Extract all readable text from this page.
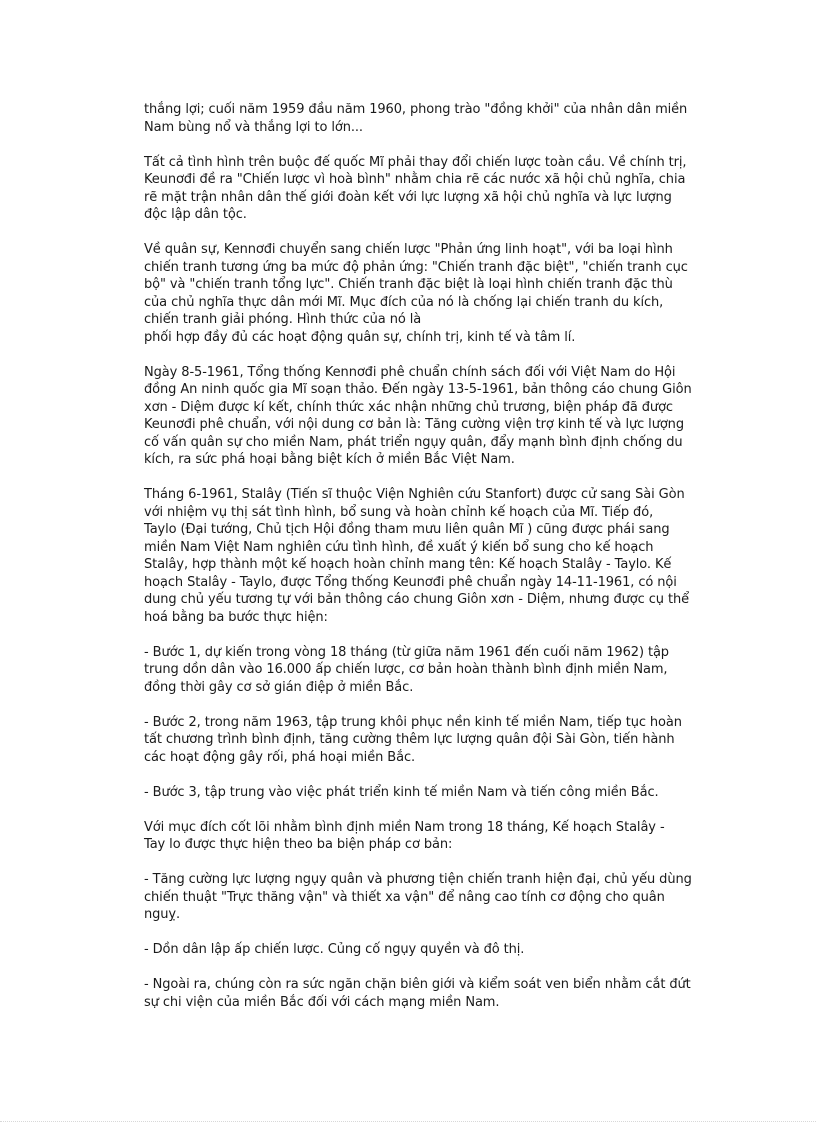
thắng lợi; cuối năm 1959 đầu năm 1960, phong trào "đồng khởi" của nhân dân miền
Nam bùng nổ và thắng lợi to lớn...

Tất cả tình hình trên buộc đế quốc Mĩ phải thay đổi chiến lược toàn cầu. Về chính trị,
Keunơđi đề ra "Chiến lược vì hoà bình" nhằm chia rẽ các nước xã hội chủ nghĩa, chia
rẽ mặt trận nhân dân thế giới đoàn kết với lực lượng xã hội chủ nghĩa và lực lượng
độc lập dân tộc.

Về quân sự, Kennơđi chuyển sang chiến lược "Phản ứng linh hoạt", với ba loại hình
chiến tranh tương ứng ba mức độ phản ứng: "Chiến tranh đặc biệt", "chiến tranh cục
bộ" và "chiến tranh tổng lực". Chiến tranh đặc biệt là loại hình chiến tranh đặc thù
của chủ nghĩa thực dân mới Mĩ. Mục đích của nó là chống lại chiến tranh du kích,
chiến tranh giải phóng. Hình thức của nó là
phối hợp đầy đủ các hoạt động quân sự, chính trị, kinh tế và tâm lí.

Ngày 8-5-1961, Tổng thống Kennơđi phê chuẩn chính sách đối với Việt Nam do Hội
đồng An ninh quốc gia Mĩ soạn thảo. Đến ngày 13-5-1961, bản thông cáo chung Giôn
xơn - Diệm được kí kết, chính thức xác nhận những chủ trương, biện pháp đã được
Keunơđi phê chuẩn, với nội dung cơ bản là: Tăng cường viện trợ kinh tế và lực lượng
cố vấn quân sự cho miền Nam, phát triển ngụy quân, đẩy mạnh bình định chống du
kích, ra sức phá hoại bằng biệt kích ở miền Bắc Việt Nam.

Tháng 6-1961, Stalây (Tiến sĩ thuộc Viện Nghiên cứu Stanfort) được cử sang Sài Gòn
với nhiệm vụ thị sát tình hình, bổ sung và hoàn chỉnh kế hoạch của Mĩ. Tiếp đó,
Taylo (Đại tướng, Chủ tịch Hội đồng tham mưu liên quân Mĩ ) cũng được phái sang
miền Nam Việt Nam nghiên cứu tình hình, đề xuất ý kiến bổ sung cho kế hoạch
Stalây, hợp thành một kế hoạch hoàn chỉnh mang tên: Kế hoạch Stalây - Taylo. Kế
hoạch Stalây - Taylo, được Tổng thống Keunơđi phê chuẩn ngày 14-11-1961, có nội
dung chủ yếu tương tự với bản thông cáo chung Giôn xơn - Diệm, nhưng được cụ thể
hoá bằng ba bước thực hiện:

- Bước 1, dự kiến trong vòng 18 tháng (từ giữa năm 1961 đến cuối năm 1962) tập
trung dồn dân vào 16.000 ấp chiến lược, cơ bản hoàn thành bình định miền Nam,
đồng thời gây cơ sở gián điệp ở miền Bắc.

- Bước 2, trong năm 1963, tập trung khôi phục nền kinh tế miền Nam, tiếp tục hoàn
tất chương trình bình định, tăng cường thêm lực lượng quân đội Sài Gòn, tiến hành
các hoạt động gây rối, phá hoại miền Bắc.

- Bước 3, tập trung vào việc phát triển kinh tế miền Nam và tiến công miền Bắc.

Với mục đích cốt lõi nhằm bình định miền Nam trong 18 tháng, Kế hoạch Stalây -
Tay lo được thực hiện theo ba biện pháp cơ bản:

- Tăng cường lực lượng ngụy quân và phương tiện chiến tranh hiện đại, chủ yếu dùng
chiến thuật "Trực thăng vận" và thiết xa vận" để nâng cao tính cơ động cho quân
nguỵ.

- Dồn dân lập ấp chiến lược. Củng cố ngụy quyền và đô thị.

- Ngoài ra, chúng còn ra sức ngăn chặn biên giới và kiểm soát ven biển nhằm cắt đứt
sự chi viện của miền Bắc đối với cách mạng miền Nam.
